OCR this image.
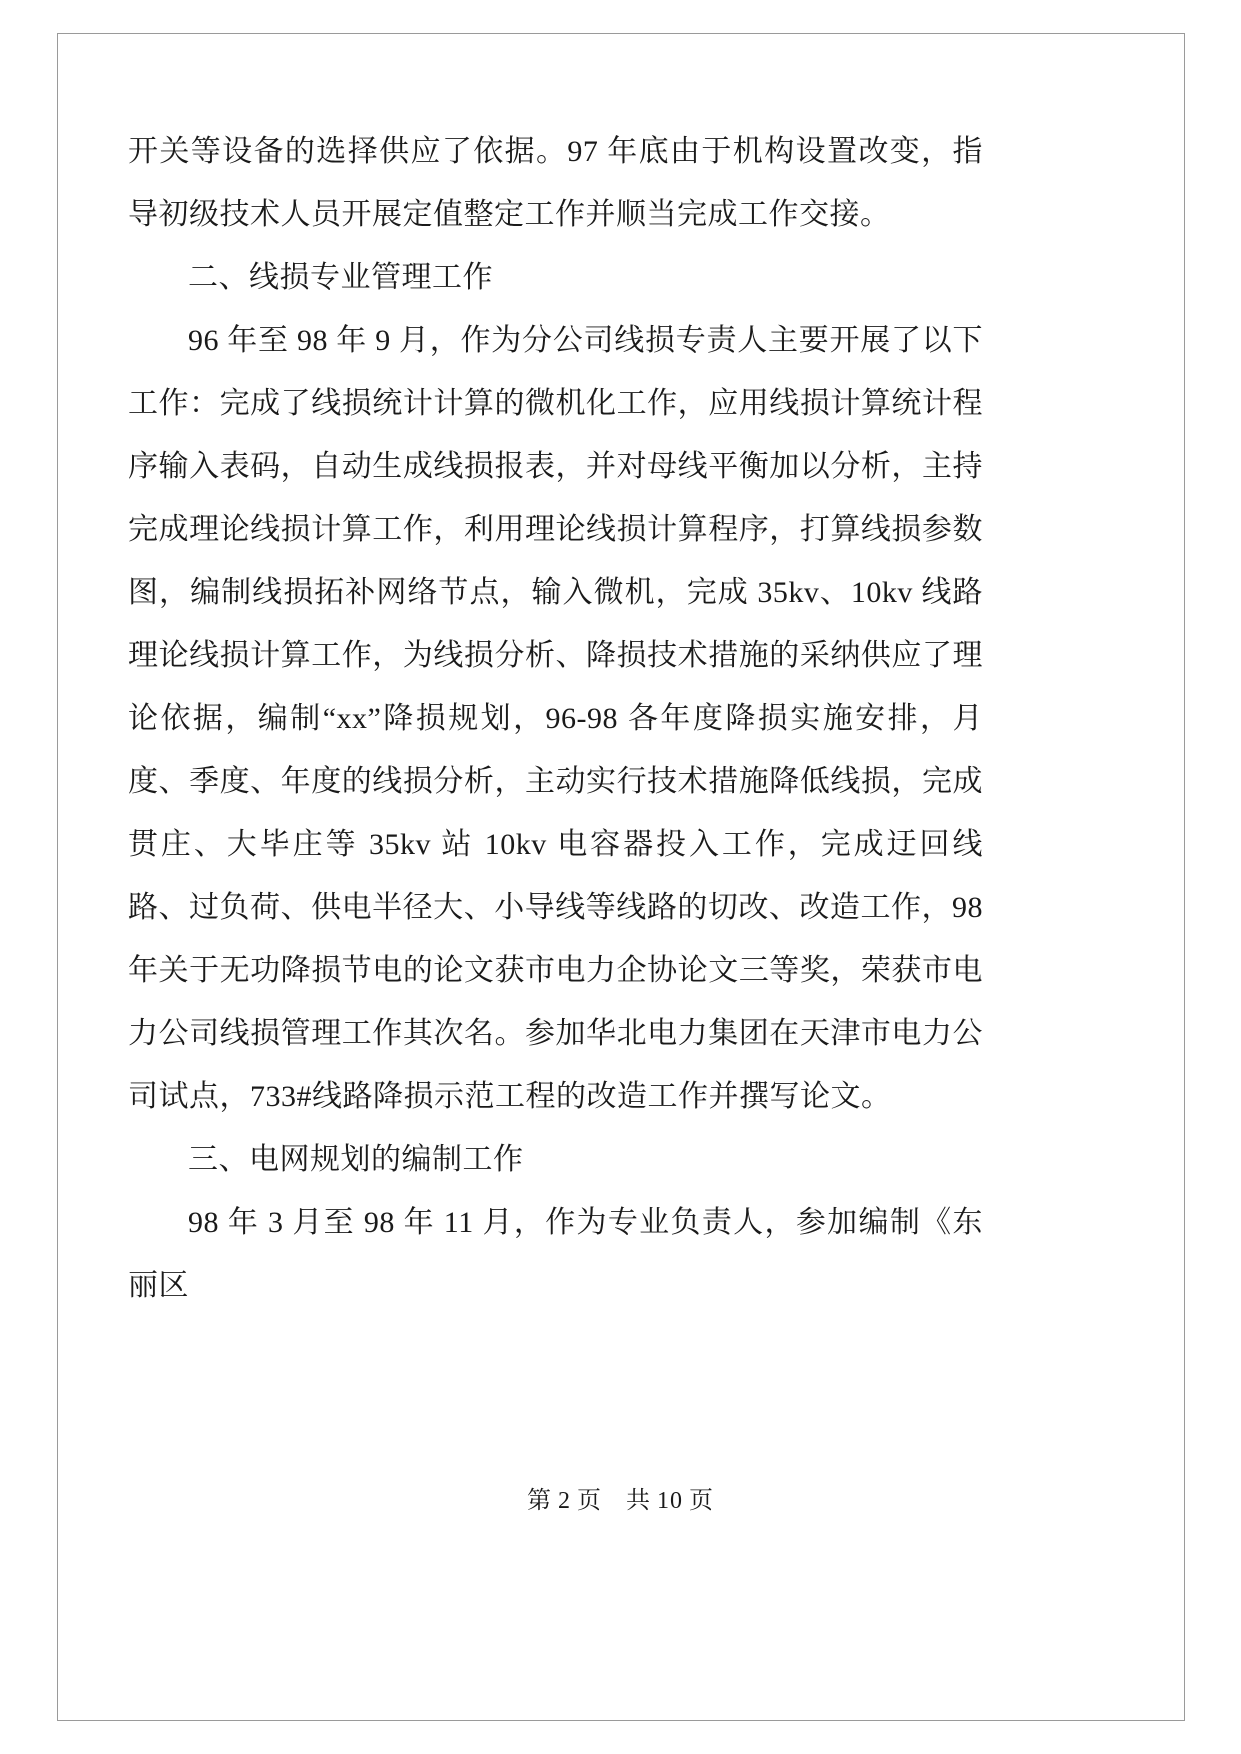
开关等设备的选择供应了依据。97 年底由于机构设置改变，指导初级技术人员开展定值整定工作并顺当完成工作交接。

二、线损专业管理工作

96 年至 98 年 9 月，作为分公司线损专责人主要开展了以下工作：完成了线损统计计算的微机化工作，应用线损计算统计程序输入表码，自动生成线损报表，并对母线平衡加以分析，主持完成理论线损计算工作，利用理论线损计算程序，打算线损参数图，编制线损拓补网络节点，输入微机，完成 35kv、10kv 线路理论线损计算工作，为线损分析、降损技术措施的采纳供应了理论依据，编制“xx”降损规划，96-98 各年度降损实施安排，月度、季度、年度的线损分析，主动实行技术措施降低线损，完成贯庄、大毕庄等 35kv 站 10kv 电容器投入工作，完成迂回线路、过负荷、供电半径大、小导线等线路的切改、改造工作，98 年关于无功降损节电的论文获市电力企协论文三等奖，荣获市电力公司线损管理工作其次名。参加华北电力集团在天津市电力公司试点，733#线路降损示范工程的改造工作并撰写论文。

三、电网规划的编制工作

98 年 3 月至 98 年 11 月，作为专业负责人，参加编制《东丽区

第 2 页 共 10 页
